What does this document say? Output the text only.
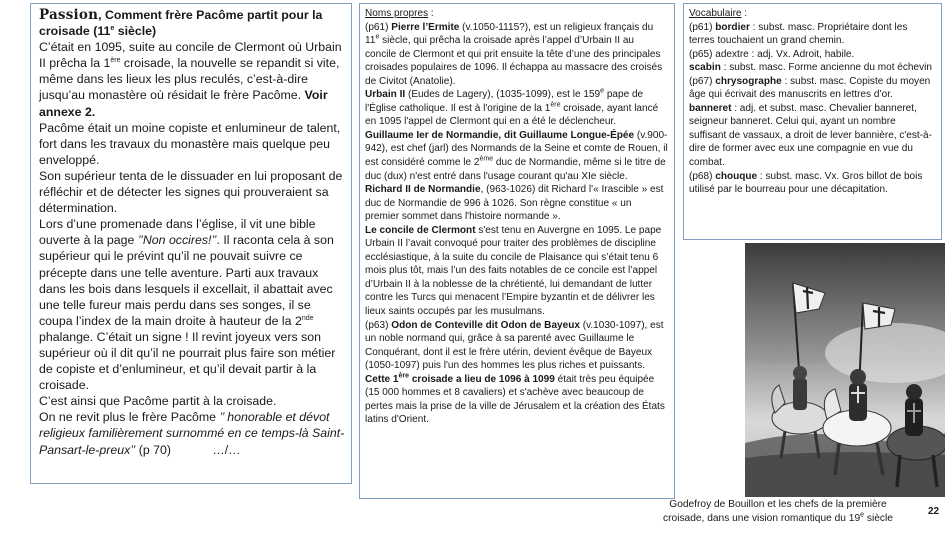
Passion, Comment frère Pacôme partit pour la croisade (11e siècle)

C’était en 1095, suite au concile de Clermont où Urbain II prêcha la 1ère croisade, la nouvelle se repandit si vite, même dans les lieux les plus reculés, c’est-à-dire jusqu’au monastère où résidait le frère Pacôme. Voir annexe 2.

Pacôme était un moine copiste et enlumineur de talent, fort dans les travaux du monastère mais quelque peu enveloppé.

Son supérieur tenta de le dissuader en lui proposant de réfléchir et de détecter les signes qui prouveraient sa détermination.

Lors d’une promenade dans l’église, il vit une bible ouverte à la page ’’Non occires!’’. Il raconta cela à son supérieur qui le prévint qu’il ne pouvait suivre ce précepte dans une telle aventure. Parti aux travaux dans les bois dans lesquels il excellait, il abattait avec une telle fureur mais perdu dans ses songes, il se coupa l’index de la main droite à hauteur de la 2nde phalange. C’était un signe ! Il revint joyeux vers son supérieur où il dit qu’il ne pourrait plus faire son métier de copiste et d’enlumineur, et qu’il devait partir à la croisade.

C’est ainsi que Pacôme partit à la croisade.

On ne revit plus le frère Pacôme ’’ honorable et dévot religieux familièrement surnommé en ce temps-là Saint-Pansart-le-preux’’ (p 70)	…/…

Noms propres :

(p61) Pierre l’Ermite (v.1050-1115?), est un religieux français du 11e siècle, qui prêcha la croisade après l’appel d’Urbain II au concile de Clermont et qui prit ensuite la tête d’une des principales croisades populaires de 1096. Il échappa au massacre des croisés de Civitot (Anatolie).

Urbain II (Eudes de Lagery), (1035-1099), est le 159e pape de l'Église catholique. Il est à l'origine de la 1ère croisade, ayant lancé en 1095 l'appel de Clermont qui en a été le déclencheur.

Guillaume Ier de Normandie, dit Guillaume Longue-Épée (v.900-942), est chef (jarl) des Normands de la Seine et comte de Rouen, il est considéré comme le 2ème duc de Normandie, même si le titre de duc (dux) n'est entré dans l'usage courant qu'au XIe siècle.

Richard II de Normandie, (963-1026) dit Richard l'« Irascible » est duc de Normandie de 996 à 1026. Son règne constitue « un premier sommet dans l'histoire normande ».

Le concile de Clermont s'est tenu en Auvergne en 1095. Le pape Urbain II l’avait convoqué pour traiter des problèmes de discipline ecclésiastique, à la suite du concile de Plaisance qui s’était tenu 6 mois plus tôt, mais l’un des faits notables de ce concile est l’appel d’Urbain II à la noblesse de la chrétienté, lui demandant de lutter contre les Turcs qui menacent l’Empire byzantin et de délivrer les lieux saints occupés par les musulmans.

(p63) Odon de Conteville dit Odon de Bayeux (v.1030-1097), est un noble normand qui, grâce à sa parenté avec Guillaume le Conquérant, dont il est le frère utérin, devient évêque de Bayeux (1050-1097) puis l'un des hommes les plus riches et puissants.

Cette 1ère croisade a lieu de 1096 à 1099 était très peu équipée (15 000 hommes et 8 cavaliers) et s'achève avec beaucoup de pertes mais la prise de la ville de Jérusalem et la création des États latins d'Orient.

Vocabulaire :

(p61) bordier : subst. masc. Propriétaire dont les terres touchaient un grand chemin.

(p65) adextre : adj. Vx. Adroit, habile.

scabin : subst. masc. Forme ancienne du mot échevin

(p67) chrysographe : subst. masc. Copiste du moyen âge qui écrivait des manuscrits en lettres d’or.

banneret : adj. et subst. masc. Chevalier banneret, seigneur banneret. Celui qui, ayant un nombre suffisant de vassaux, a droit de lever bannière, c'est-à-dire de former avec eux une compagnie en vue du combat.

(p68) chouque : subst. masc. Vx. Gros billot de bois utilisé par le bourreau pour une décapitation.

Godefroy de Bouillon et les chefs de la première
croisade, dans une vision romantique du 19e siècle
22
